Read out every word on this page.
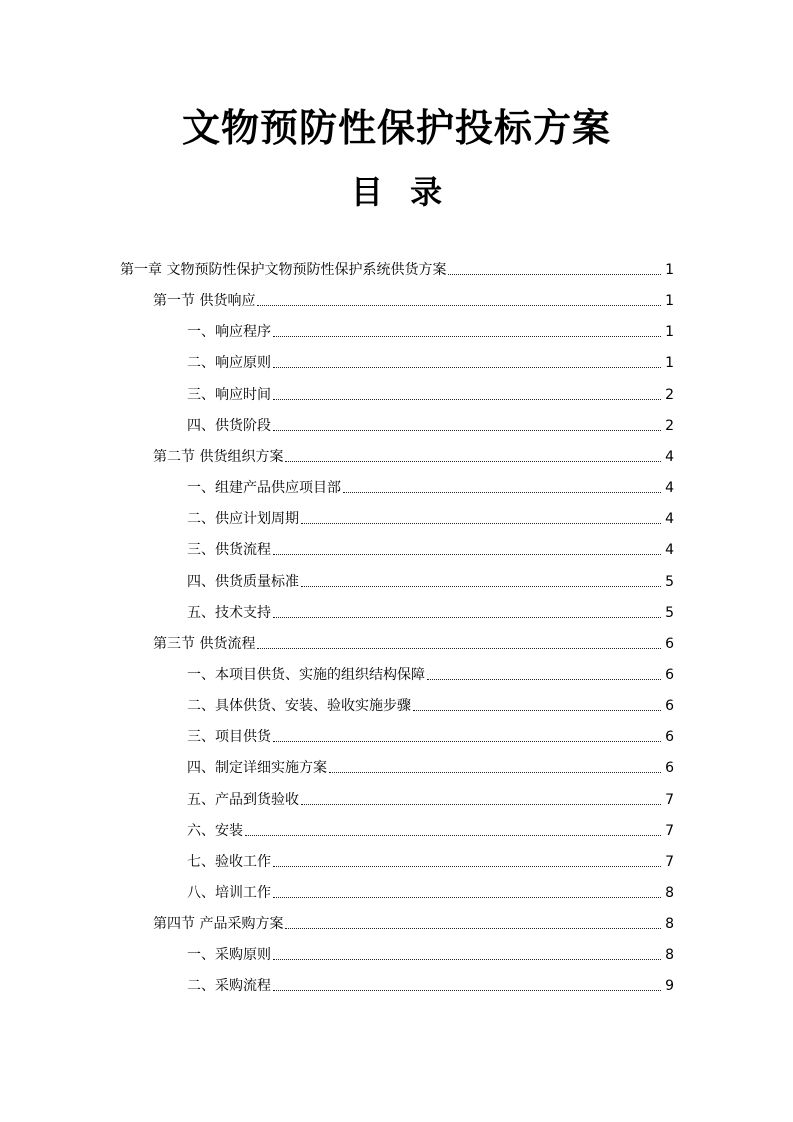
文物预防性保护投标方案
目 录
第一章 文物预防性保护文物预防性保护系统供货方案	1
第一节 供货响应	1
一、响应程序	1
二、响应原则	1
三、响应时间	2
四、供货阶段	2
第二节 供货组织方案	4
一、组建产品供应项目部	4
二、供应计划周期	4
三、供货流程	4
四、供货质量标准	5
五、技术支持	5
第三节 供货流程	6
一、本项目供货、实施的组织结构保障	6
二、具体供货、安装、验收实施步骤	6
三、项目供货	6
四、制定详细实施方案	6
五、产品到货验收	7
六、安装	7
七、验收工作	7
八、培训工作	8
第四节 产品采购方案	8
一、采购原则	8
二、采购流程	9
